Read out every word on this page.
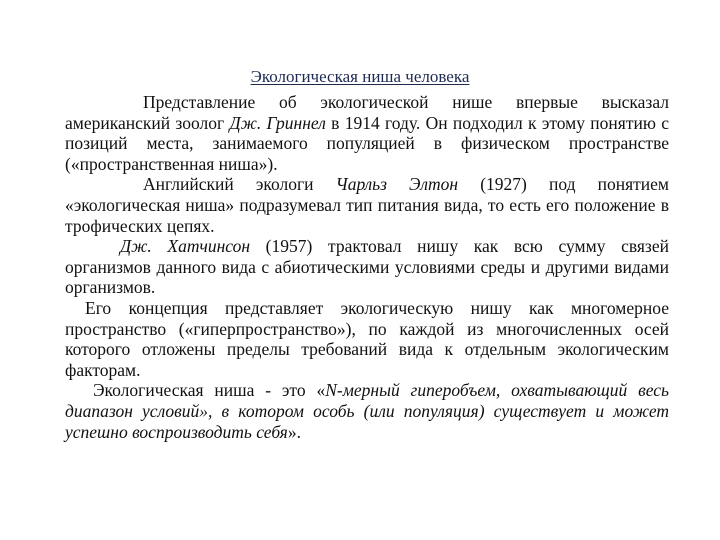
Экологическая ниша человека

Представление об экологической нише впервые высказал американский зоолог Дж. Гриннел в 1914 году. Он подходил к этому понятию с позиций места, занимаемого популяцией в физическом пространстве («пространственная ниша»).

Английский экологи Чарльз Элтон (1927) под понятием «экологическая ниша» подразумевал тип питания вида, то есть его положение в трофических цепях.

Дж. Хатчинсон (1957) трактовал нишу как всю сумму связей организмов данного вида с абиотическими условиями среды и другими видами организмов.

Его концепция представляет экологическую нишу как многомерное пространство («гиперпространство»), по каждой из многочисленных осей которого отложены пределы требований вида к отдельным экологическим факторам.

Экологическая ниша - это «N-мерный гиперобъем, охватывающий весь диапазон условий», в котором особь (или популяция) существует и может успешно воспроизводить себя».
